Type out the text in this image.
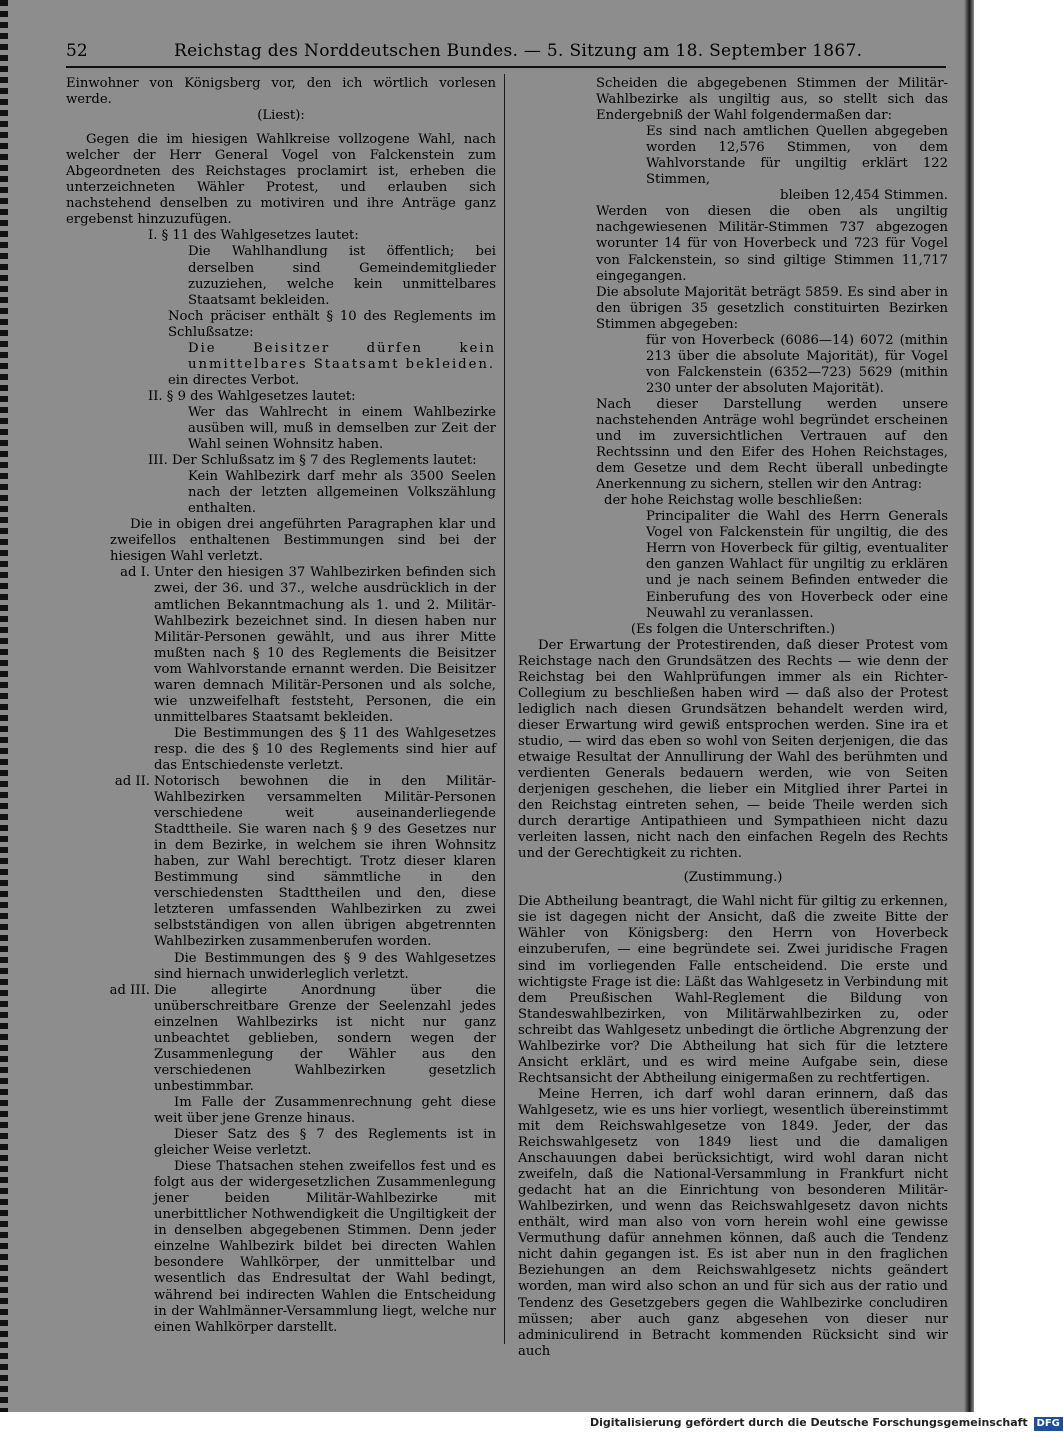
52	Reichstag des Norddeutschen Bundes. — 5. Sitzung am 18. September 1867.

Einwohner von Königsberg vor, den ich wörtlich vorlesen werde.

(Liest):

Gegen die im hiesigen Wahlkreise vollzogene Wahl, nach welcher der Herr General Vogel von Falckenstein zum Abgeordneten des Reichstages proclamirt ist, erheben die unterzeichneten Wähler Protest, und erlauben sich nachstehend denselben zu motiviren und ihre Anträge ganz ergebenst hinzuzufügen.

I. § 11 des Wahlgesetzes lautet:

Die Wahlhandlung ist öffentlich; bei derselben sind Gemeindemitglieder zuzuziehen, welche kein unmittelbares Staatsamt bekleiden.

Noch präciser enthält § 10 des Reglements im Schlußsatze:

Die Beisitzer dürfen kein unmittelbares Staatsamt bekleiden.

ein directes Verbot.

II. § 9 des Wahlgesetzes lautet:

Wer das Wahlrecht in einem Wahlbezirke ausüben will, muß in demselben zur Zeit der Wahl seinen Wohnsitz haben.

III. Der Schlußsatz im § 7 des Reglements lautet:

Kein Wahlbezirk darf mehr als 3500 Seelen nach der letzten allgemeinen Volkszählung enthalten.

Die in obigen drei angeführten Paragraphen klar und zweifellos enthaltenen Bestimmungen sind bei der hiesigen Wahl verletzt.

ad I. Unter den hiesigen 37 Wahlbezirken befinden sich zwei, der 36. und 37., welche ausdrücklich in der amtlichen Bekanntmachung als 1. und 2. Militär-Wahlbezirk bezeichnet sind. In diesen haben nur Militär-Personen gewählt, und aus ihrer Mitte mußten nach § 10 des Reglements die Beisitzer vom Wahlvorstande ernannt werden. Die Beisitzer waren demnach Militär-Personen und als solche, wie unzweifelhaft feststeht, Personen, die ein unmittelbares Staatsamt bekleiden.
Die Bestimmungen des § 11 des Wahlgesetzes resp. die des § 10 des Reglements sind hier auf das Entschiedenste verletzt.
ad II. Notorisch bewohnen die in den Militär-Wahlbezirken versammelten Militär-Personen verschiedene weit auseinanderliegende Stadttheile. Sie waren nach § 9 des Gesetzes nur in dem Bezirke, in welchem sie ihren Wohnsitz haben, zur Wahl berechtigt. Trotz dieser klaren Bestimmung sind sämmtliche in den verschiedensten Stadttheilen und den, diese letzteren umfassenden Wahlbezirken zu zwei selbstständigen von allen übrigen abgetrennten Wahlbezirken zusammenberufen worden.
Die Bestimmungen des § 9 des Wahlgesetzes sind hiernach unwiderleglich verletzt.
ad III. Die allegirte Anordnung über die unüberschreitbare Grenze der Seelenzahl jedes einzelnen Wahlbezirks ist nicht nur ganz unbeachtet geblieben, sondern wegen der Zusammenlegung der Wähler aus den verschiedenen Wahlbezirken gesetzlich unbestimmbar.
Im Falle der Zusammenrechnung geht diese weit über jene Grenze hinaus.
Dieser Satz des § 7 des Reglements ist in gleicher Weise verletzt.
Diese Thatsachen stehen zweifellos fest und es folgt aus der widergesetzlichen Zusammenlegung jener beiden Militär-Wahlbezirke mit unerbittlicher Nothwendigkeit die Ungiltigkeit der in denselben abgegebenen Stimmen. Denn jeder einzelne Wahlbezirk bildet bei directen Wahlen besondere Wahlkörper, der unmittelbar und wesentlich das Endresultat der Wahl bedingt, während bei indirecten Wahlen die Entscheidung in der Wahlmänner-Versammlung liegt, welche nur einen Wahlkörper darstellt.

Scheiden die abgegebenen Stimmen der Militär-Wahlbezirke als ungiltig aus, so stellt sich das Endergebniß der Wahl folgendermaßen dar:

Es sind nach amtlichen Quellen abgegeben worden 12,576 Stimmen, von dem Wahlvorstande für ungiltig erklärt 122 Stimmen,

bleiben 12,454 Stimmen.

Werden von diesen die oben als ungiltig nachgewiesenen Militär-Stimmen 737 abgezogen worunter 14 für von Hoverbeck und 723 für Vogel von Falckenstein, so sind giltige Stimmen 11,717 eingegangen.

Die absolute Majorität beträgt 5859. Es sind aber in den übrigen 35 gesetzlich constituirten Bezirken Stimmen abgegeben:

für von Hoverbeck (6086—14) 6072 (mithin 213 über die absolute Majorität), für Vogel von Falckenstein (6352—723) 5629 (mithin 230 unter der absoluten Majorität).

Nach dieser Darstellung werden unsere nachstehenden Anträge wohl begründet erscheinen und im zuversichtlichen Vertrauen auf den Rechtssinn und den Eifer des Hohen Reichstages, dem Gesetze und dem Recht überall unbedingte Anerkennung zu sichern, stellen wir den Antrag:

der hohe Reichstag wolle beschließen:

Principaliter die Wahl des Herrn Generals Vogel von Falckenstein für ungiltig, die des Herrn von Hoverbeck für giltig, eventualiter den ganzen Wahlact für ungiltig zu erklären und je nach seinem Befinden entweder die Einberufung des von Hoverbeck oder eine Neuwahl zu veranlassen.

(Es folgen die Unterschriften.)

Der Erwartung der Protestirenden, daß dieser Protest vom Reichstage nach den Grundsätzen des Rechts — wie denn der Reichstag bei den Wahlprüfungen immer als ein Richter-Collegium zu beschließen haben wird — daß also der Protest lediglich nach diesen Grundsätzen behandelt werden wird, dieser Erwartung wird gewiß entsprochen werden. Sine ira et studio, — wird das eben so wohl von Seiten derjenigen, die das etwaige Resultat der Annullirung der Wahl des berühmten und verdienten Generals bedauern werden, wie von Seiten derjenigen geschehen, die lieber ein Mitglied ihrer Partei in den Reichstag eintreten sehen, — beide Theile werden sich durch derartige Antipathieen und Sympathieen nicht dazu verleiten lassen, nicht nach den einfachen Regeln des Rechts und der Gerechtigkeit zu richten.

(Zustimmung.)

Die Abtheilung beantragt, die Wahl nicht für giltig zu erkennen, sie ist dagegen nicht der Ansicht, daß die zweite Bitte der Wähler von Königsberg: den Herrn von Hoverbeck einzuberufen, — eine begründete sei. Zwei juridische Fragen sind im vorliegenden Falle entscheidend. Die erste und wichtigste Frage ist die: Läßt das Wahlgesetz in Verbindung mit dem Preußischen Wahl-Reglement die Bildung von Standeswahlbezirken, von Militärwahlbezirken zu, oder schreibt das Wahlgesetz unbedingt die örtliche Abgrenzung der Wahlbezirke vor? Die Abtheilung hat sich für die letztere Ansicht erklärt, und es wird meine Aufgabe sein, diese Rechtsansicht der Abtheilung einigermaßen zu rechtfertigen.

Meine Herren, ich darf wohl daran erinnern, daß das Wahlgesetz, wie es uns hier vorliegt, wesentlich übereinstimmt mit dem Reichswahlgesetze von 1849. Jeder, der das Reichswahlgesetz von 1849 liest und die damaligen Anschauungen dabei berücksichtigt, wird wohl daran nicht zweifeln, daß die National-Versammlung in Frankfurt nicht gedacht hat an die Einrichtung von besonderen Militär-Wahlbezirken, und wenn das Reichswahlgesetz davon nichts enthält, wird man also von vorn herein wohl eine gewisse Vermuthung dafür annehmen können, daß auch die Tendenz nicht dahin gegangen ist. Es ist aber nun in den fraglichen Beziehungen an dem Reichswahlgesetz nichts geändert worden, man wird also schon an und für sich aus der ratio und Tendenz des Gesetzgebers gegen die Wahlbezirke concludiren müssen; aber auch ganz abgesehen von dieser nur adminiculirend in Betracht kommenden Rücksicht sind wir auch

Digitalisierung gefördert durch die Deutsche Forschungsgemeinschaft DFG
